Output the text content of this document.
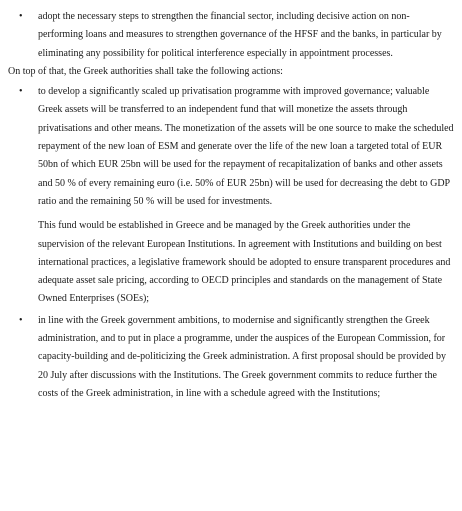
•	adopt the necessary steps to strengthen the financial sector, including decisive action on non-performing loans and measures to strengthen governance of the HFSF and the banks, in particular by eliminating any possibility for political interference especially in appointment processes.

On top of that, the Greek authorities shall take the following actions:

•	to develop a significantly scaled up privatisation programme with improved governance; valuable Greek assets will be transferred to an independent fund that will monetize the assets through privatisations and other means. The monetization of the assets will be one source to make the scheduled repayment of the new loan of ESM and generate over the life of the new loan a targeted total of EUR 50bn of which EUR 25bn will be used for the repayment of recapitalization of banks and other assets and 50 % of every remaining euro (i.e. 50% of EUR 25bn) will be used for decreasing the debt to GDP ratio and the remaining 50 % will be used for investments.

This fund would be established in Greece and be managed by the Greek authorities under the supervision of the relevant European Institutions. In agreement with Institutions and building on best international practices, a legislative framework should be adopted to ensure transparent procedures and adequate asset sale pricing, according to OECD principles and standards on the management of State Owned Enterprises (SOEs);

•	in line with the Greek government ambitions, to modernise and significantly strengthen the Greek administration, and to put in place a programme, under the auspices of the European Commission, for capacity-building and de-politicizing the Greek administration. A first proposal should be provided by 20 July after discussions with the Institutions. The Greek government commits to reduce further the costs of the Greek administration, in line with a schedule agreed with the Institutions;
